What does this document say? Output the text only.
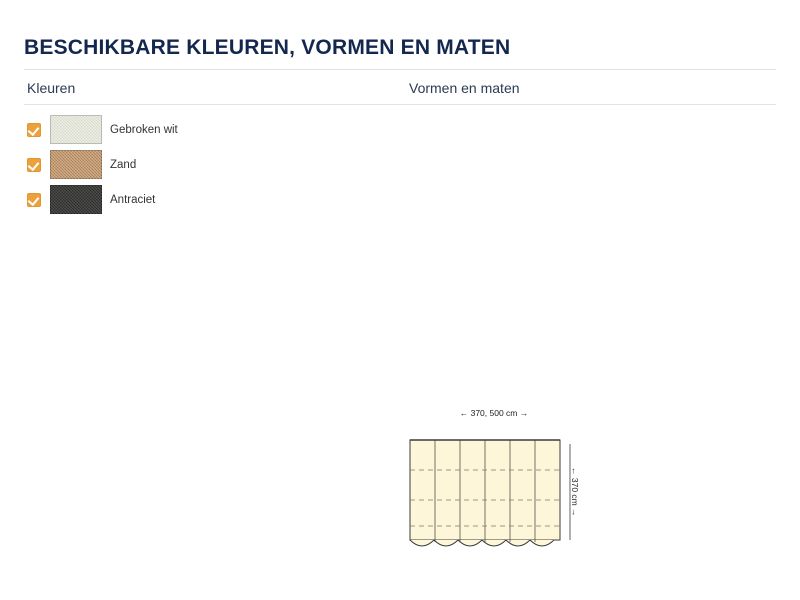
BESCHIKBARE KLEUREN, VORMEN EN MATEN
Kleuren	Vormen en maten
Gebroken wit
Zand
Antraciet
← 370, 500 cm →
← 370 cm →
